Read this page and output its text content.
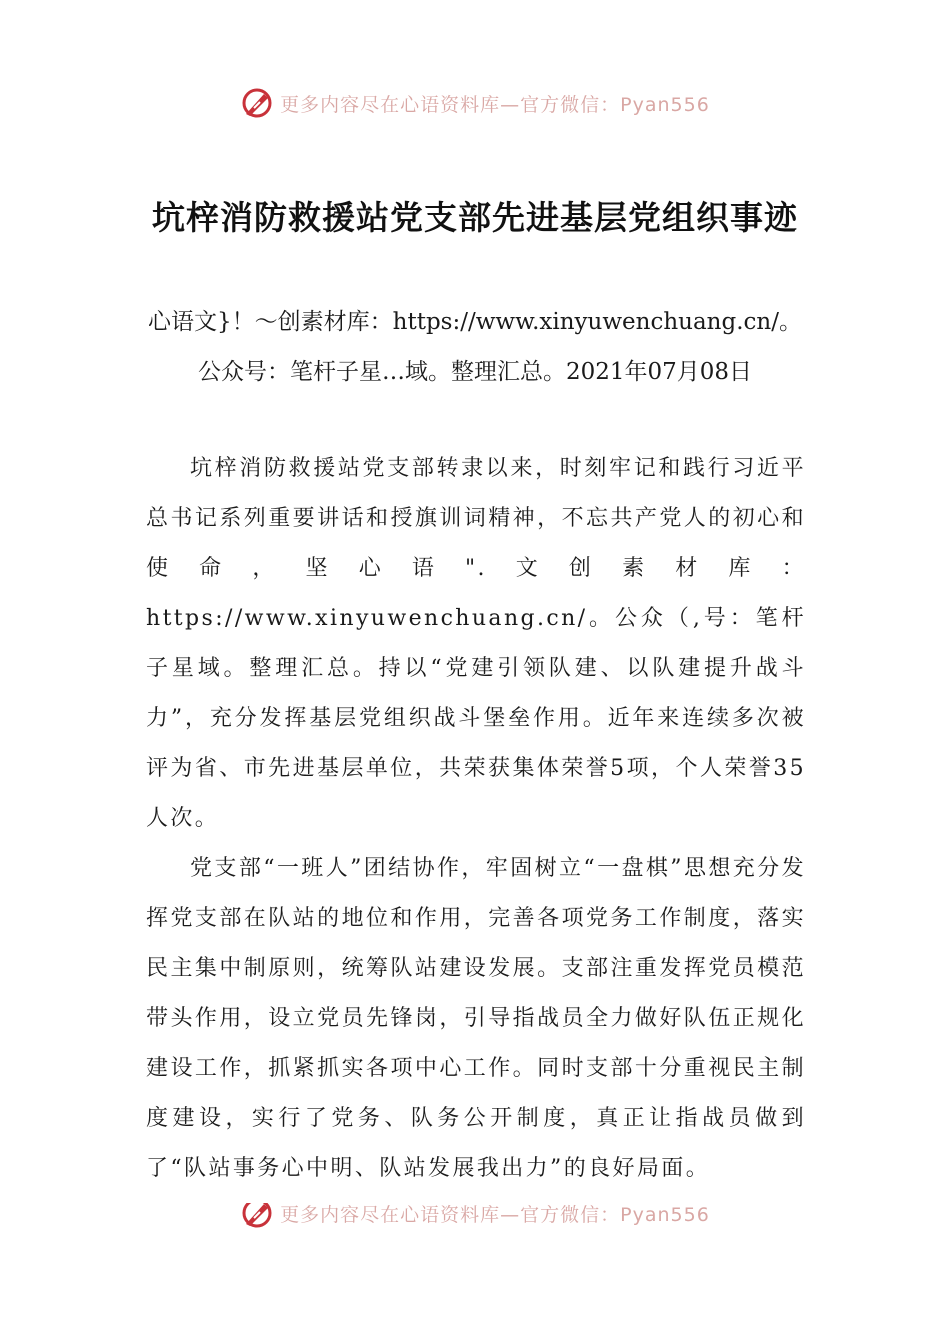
更多内容尽在心语资料库—官方微信：Pyan556
坑梓消防救援站党支部先进基层党组织事迹
心语文}！～创素材库：https://www.xinyuwenchuang.cn/。公众号：笔杆子星…域。整理汇总。2021年07月08日

坑梓消防救援站党支部转隶以来，时刻牢记和践行习近平总书记系列重要讲话和授旗训词精神，不忘共产党人的初心和使命，坚心语".文创素材库：https://www.xinyuwenchuang.cn/。公众（,号：笔杆子星域。整理汇总。持以“党建引领队建、以队建提升战斗力”，充分发挥基层党组织战斗堡垒作用。近年来连续多次被评为省、市先进基层单位，共荣获集体荣誉5项，个人荣誉35人次。

党支部“一班人”团结协作，牢固树立“一盘棋”思想充分发挥党支部在队站的地位和作用，完善各项党务工作制度，落实民主集中制原则，统筹队站建设发展。支部注重发挥党员模范带头作用，设立党员先锋岗，引导指战员全力做好队伍正规化建设工作，抓紧抓实各项中心工作。同时支部十分重视民主制度建设，实行了党务、队务公开制度，真正让指战员做到了“队站事务心中明、队站发展我出力”的良好局面。

更多内容尽在心语资料库—官方微信：Pyan556
